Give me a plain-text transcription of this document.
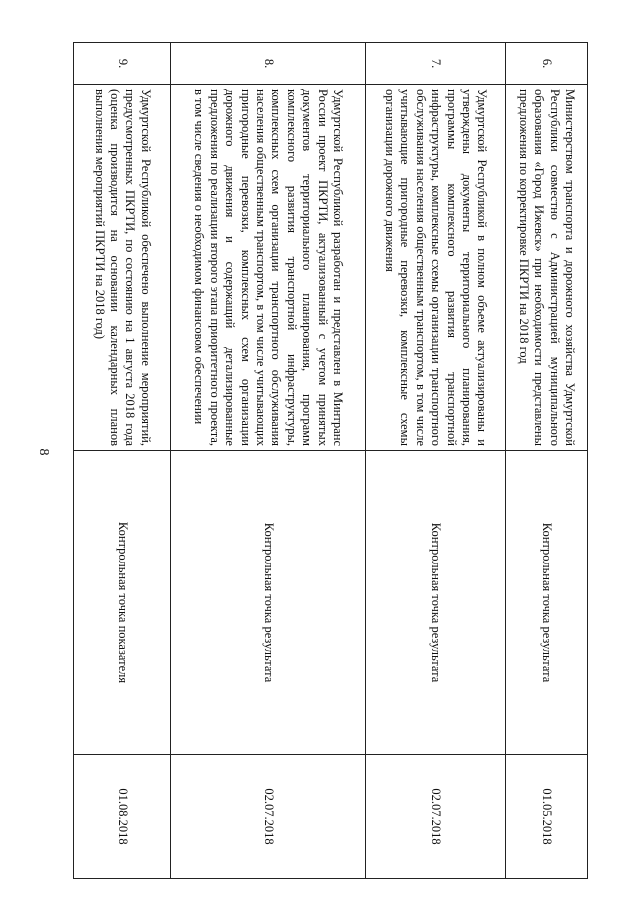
8
6.	Министерством транспорта и дорожного хозяйства Удмуртской Республики совместно с Администрацией муниципального образования «Город Ижевск» при необходимости представлены предложения по корректировке ПКРТИ на 2018 год	Контрольная точка результата	01.05.2018
7.	Удмуртской Республикой в полном объеме актуализированы и утверждены документы территориального планирования, программы комплексного развития транспортной инфраструктуры, комплексные схемы организации транспортного обслуживания населения общественным транспортом, в том числе учитывающие пригородные перевозки, комплексные схемы организации дорожного движения	Контрольная точка результата	02.07.2018
8.	Удмуртской Республикой разработан и представлен в Минтранс России проект ПКРТИ, актуализованный с учетом принятых документов территориального планирования, программ комплексного развития транспортной инфраструктуры, комплексных схем организации транспортного обслуживания населения общественным транспортом, в том числе учитывающих пригородные перевозки, комплексных схем организации дорожного движения и содержащий детализированные предложения по реализации второго этапа приоритетного проекта, в том числе сведения о необходимом финансовом обеспечении	Контрольная точка результата	02.07.2018
9.	Удмуртской Республикой обеспечено выполнение мероприятий, предусмотренных ПКРТИ, по состоянию на 1 августа 2018 года (оценка производится на основании календарных планов выполнения мероприятий ПКРТИ на 2018 год)	Контрольная точка показателя	01.08.2018
